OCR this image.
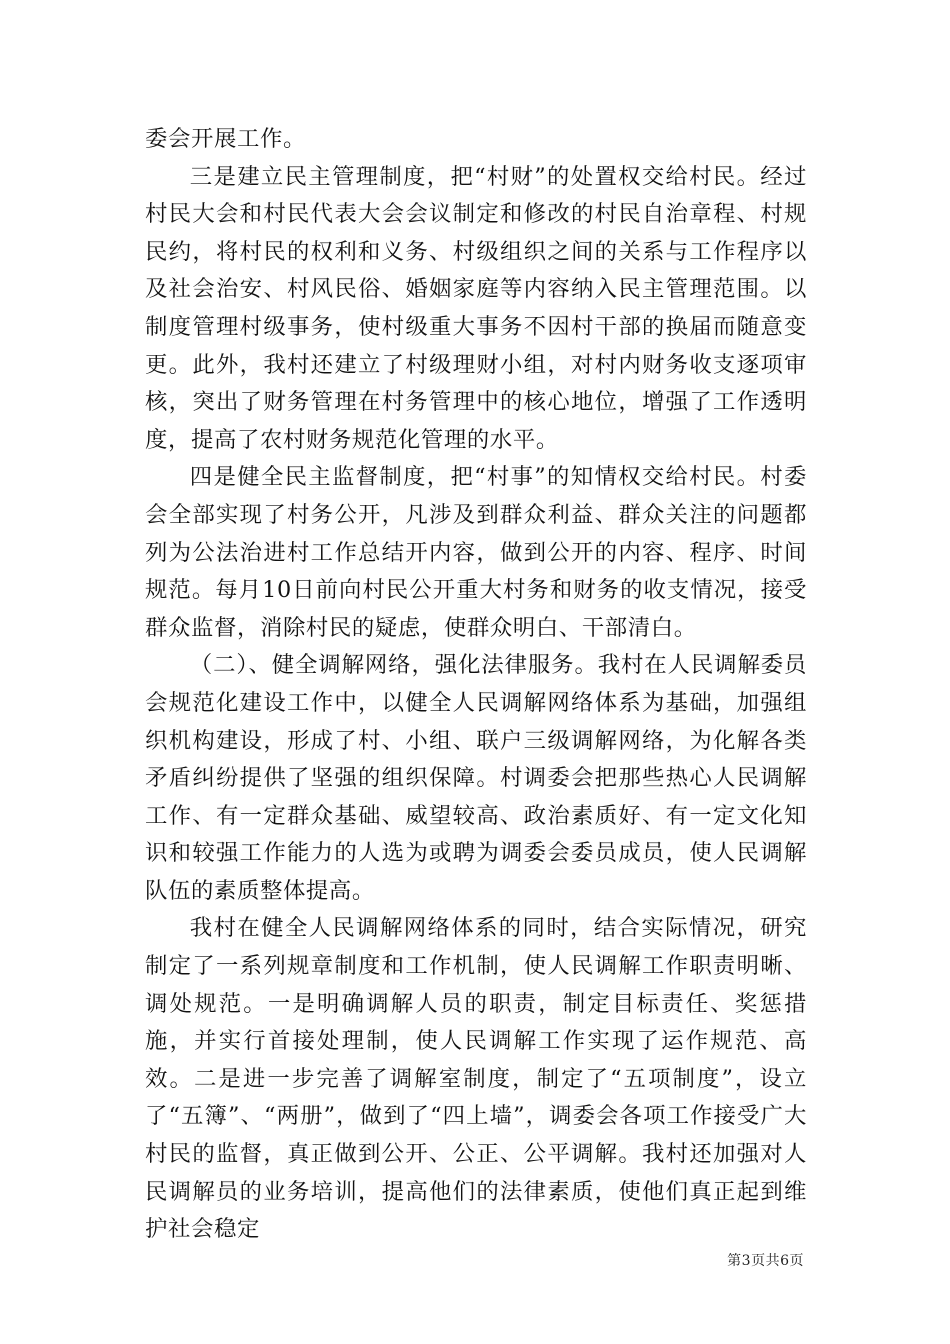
委会开展工作。

三是建立民主管理制度，把“村财”的处置权交给村民。经过村民大会和村民代表大会会议制定和修改的村民自治章程、村规民约，将村民的权利和义务、村级组织之间的关系与工作程序以及社会治安、村风民俗、婚姻家庭等内容纳入民主管理范围。以制度管理村级事务，使村级重大事务不因村干部的换届而随意变更。此外，我村还建立了村级理财小组，对村内财务收支逐项审核，突出了财务管理在村务管理中的核心地位，增强了工作透明度，提高了农村财务规范化管理的水平。

四是健全民主监督制度，把“村事”的知情权交给村民。村委会全部实现了村务公开，凡涉及到群众利益、群众关注的问题都列为公法治进村工作总结开内容，做到公开的内容、程序、时间规范。每月10日前向村民公开重大村务和财务的收支情况，接受群众监督，消除村民的疑虑，使群众明白、干部清白。

（二）、健全调解网络，强化法律服务。我村在人民调解委员会规范化建设工作中，以健全人民调解网络体系为基础，加强组织机构建设，形成了村、小组、联户三级调解网络，为化解各类矛盾纠纷提供了坚强的组织保障。村调委会把那些热心人民调解工作、有一定群众基础、威望较高、政治素质好、有一定文化知识和较强工作能力的人选为或聘为调委会委员成员，使人民调解队伍的素质整体提高。

我村在健全人民调解网络体系的同时，结合实际情况，研究制定了一系列规章制度和工作机制，使人民调解工作职责明晰、调处规范。一是明确调解人员的职责，制定目标责任、奖惩措施，并实行首接处理制，使人民调解工作实现了运作规范、高效。二是进一步完善了调解室制度，制定了“五项制度”，设立了“五簿”、“两册”，做到了“四上墙”，调委会各项工作接受广大村民的监督，真正做到公开、公正、公平调解。我村还加强对人民调解员的业务培训，提高他们的法律素质，使他们真正起到维护社会稳定

第3页共6页
